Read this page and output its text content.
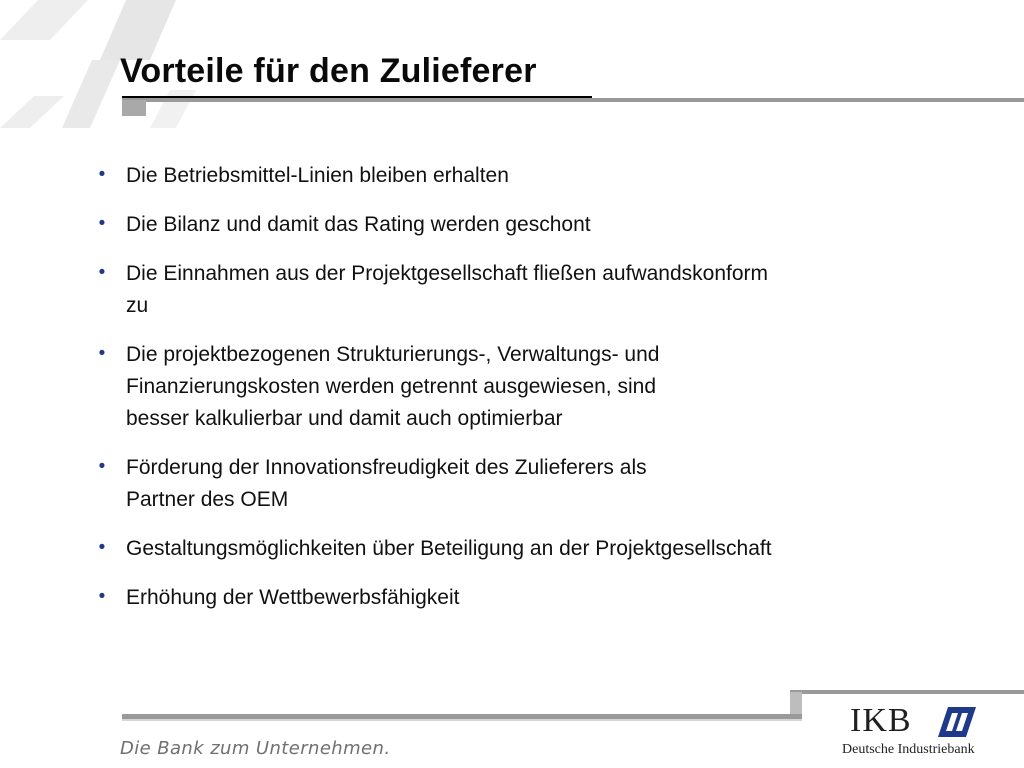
Vorteile für den Zulieferer
• Die Betriebsmittel-Linien bleiben erhalten
• Die Bilanz und damit das Rating werden geschont
• Die Einnahmen aus der Projektgesellschaft fließen aufwandskonform
zu
• Die projektbezogenen Strukturierungs-, Verwaltungs- und
Finanzierungskosten werden getrennt ausgewiesen, sind
besser kalkulierbar und damit auch optimierbar
• Förderung der Innovationsfreudigkeit des Zulieferers als
Partner des OEM
• Gestaltungsmöglichkeiten über Beteiligung an der Projektgesellschaft
• Erhöhung der Wettbewerbsfähigkeit
Die Bank zum Unternehmen.
IKB
Deutsche Industriebank
